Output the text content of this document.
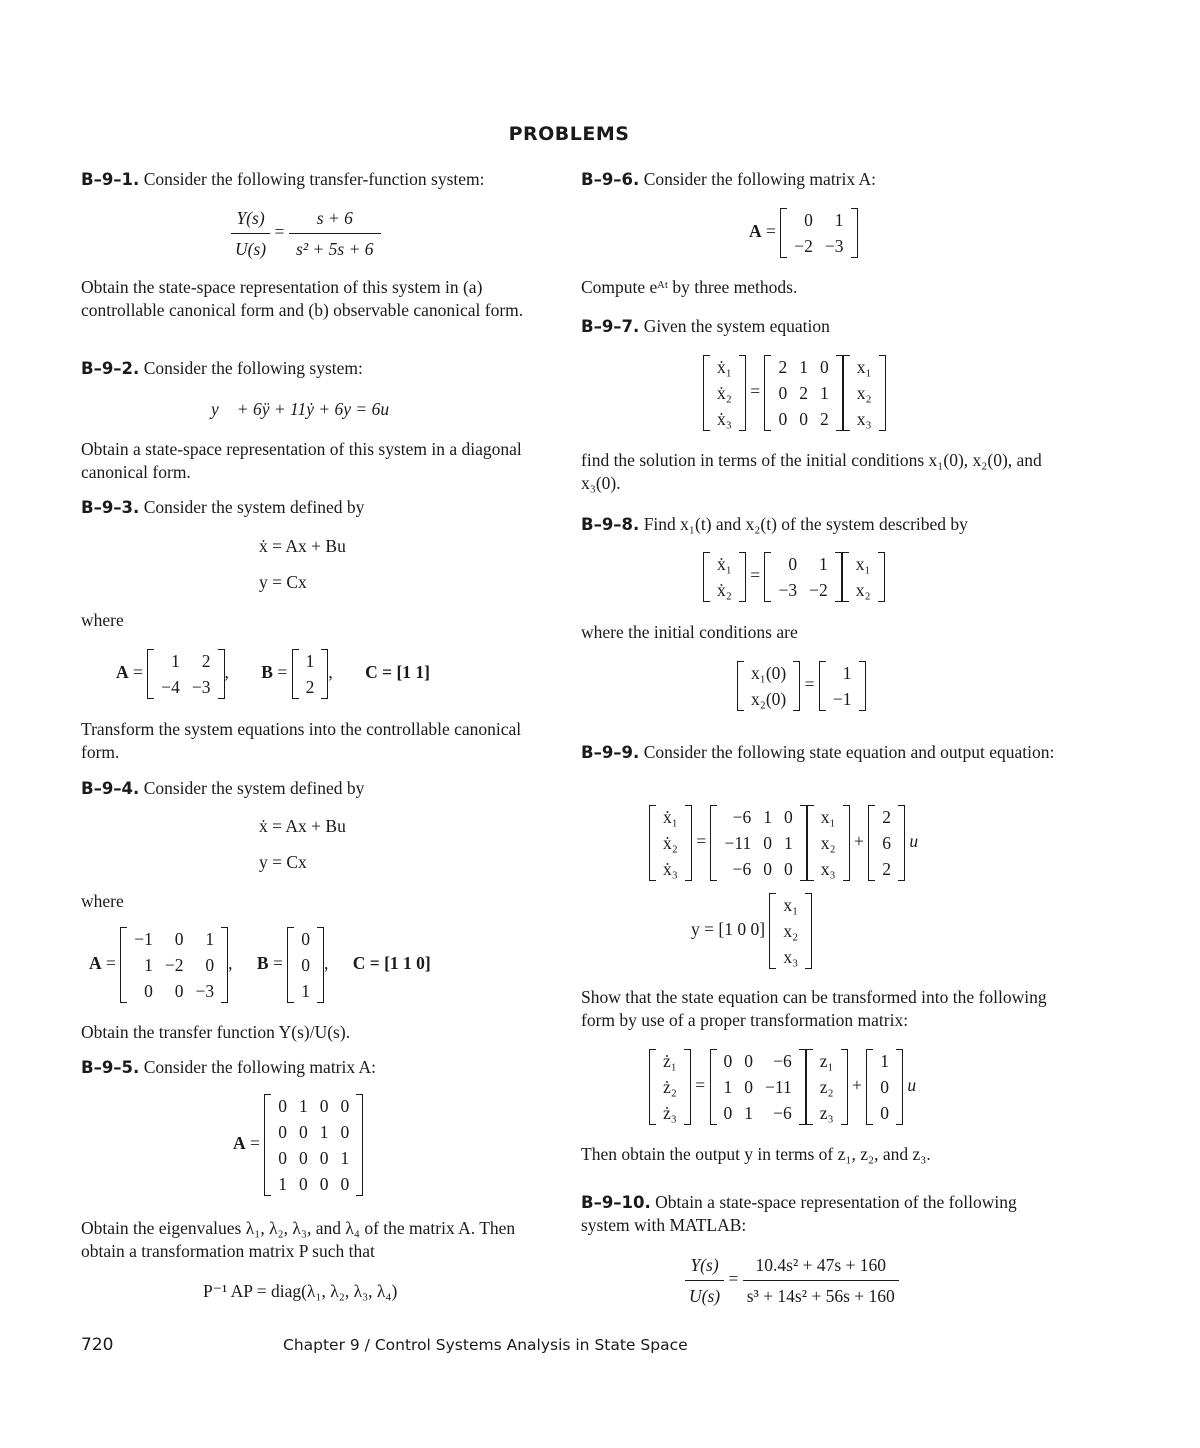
PROBLEMS
B–9–1. Consider the following transfer-function system:
$\frac{Y(s)}{U(s)} = \frac{s + 6}{\text{s² + 5s + 6}}$
Obtain the state-space representation of this system in (a) controllable canonical form and (b) observable canonical form.
B–9–2. Consider the following system:
y⃛ + 6ÿ + 11ẏ + 6y = 6u
Obtain a state-space representation of this system in a diagonal canonical form.
B–9–3. Consider the system defined by
ẋ = Ax + Bu
y = Cx
where
A =
1	2
−4	−3
, B =
1
2
, C = [1 1]
Transform the system equations into the controllable canonical form.
B–9–4. Consider the system defined by
ẋ = Ax + Bu
y = Cx
where
A =
−1	0	1
1	−2	0
0	0	−3
, B =
0
0
1
, C = [1 1 0]
Obtain the transfer function Y(s)/U(s).
B–9–5. Consider the following matrix A:
A =
0	1	0	0
0	0	1	0
0	0	0	1
1	0	0	0
Obtain the eigenvalues λ₁, λ₂, λ₃, and λ₄ of the matrix A. Then obtain a transformation matrix P such that
P⁻¹ AP = diag(λ₁, λ₂, λ₃, λ₄)
B–9–6. Consider the following matrix A:
A =
0	1
−2	−3
Compute eᴬᵗ by three methods.
B–9–7. Given the system equation
ẋ₁
ẋ₂
ẋ₃
=
2	1	0
0	2	1
0	0	2
x₁
x₂
x₃
find the solution in terms of the initial conditions x₁(0), x₂(0), and x₃(0).
B–9–8. Find x₁(t) and x₂(t) of the system described by
ẋ₁
ẋ₂
=
0	1
−3	−2
x₁
x₂
where the initial conditions are
x₁(0)
x₂(0)
=
1
−1
B–9–9. Consider the following state equation and output equation:
ẋ₁
ẋ₂
ẋ₃
=
−6	1	0
−11	0	1
−6	0	0
x₁
x₂
x₃
+
2
6
2
u
y = [1 0 0]
x₁
x₂
x₃
Show that the state equation can be transformed into the following form by use of a proper transformation matrix:
ż₁
ż₂
ż₃
=
0	0	−6
1	0	−11
0	1	−6
z₁
z₂
z₃
+
1
0
0
u
Then obtain the output y in terms of z₁, z₂, and z₃.
B–9–10. Obtain a state-space representation of the following system with MATLAB:
$\frac{Y(s)}{U(s)} = \frac{\text{10.4s² + 47s + 160}}{\text{s³ + 14s² + 56s + 160}}$
720	Chapter 9 / Control Systems Analysis in State Space
